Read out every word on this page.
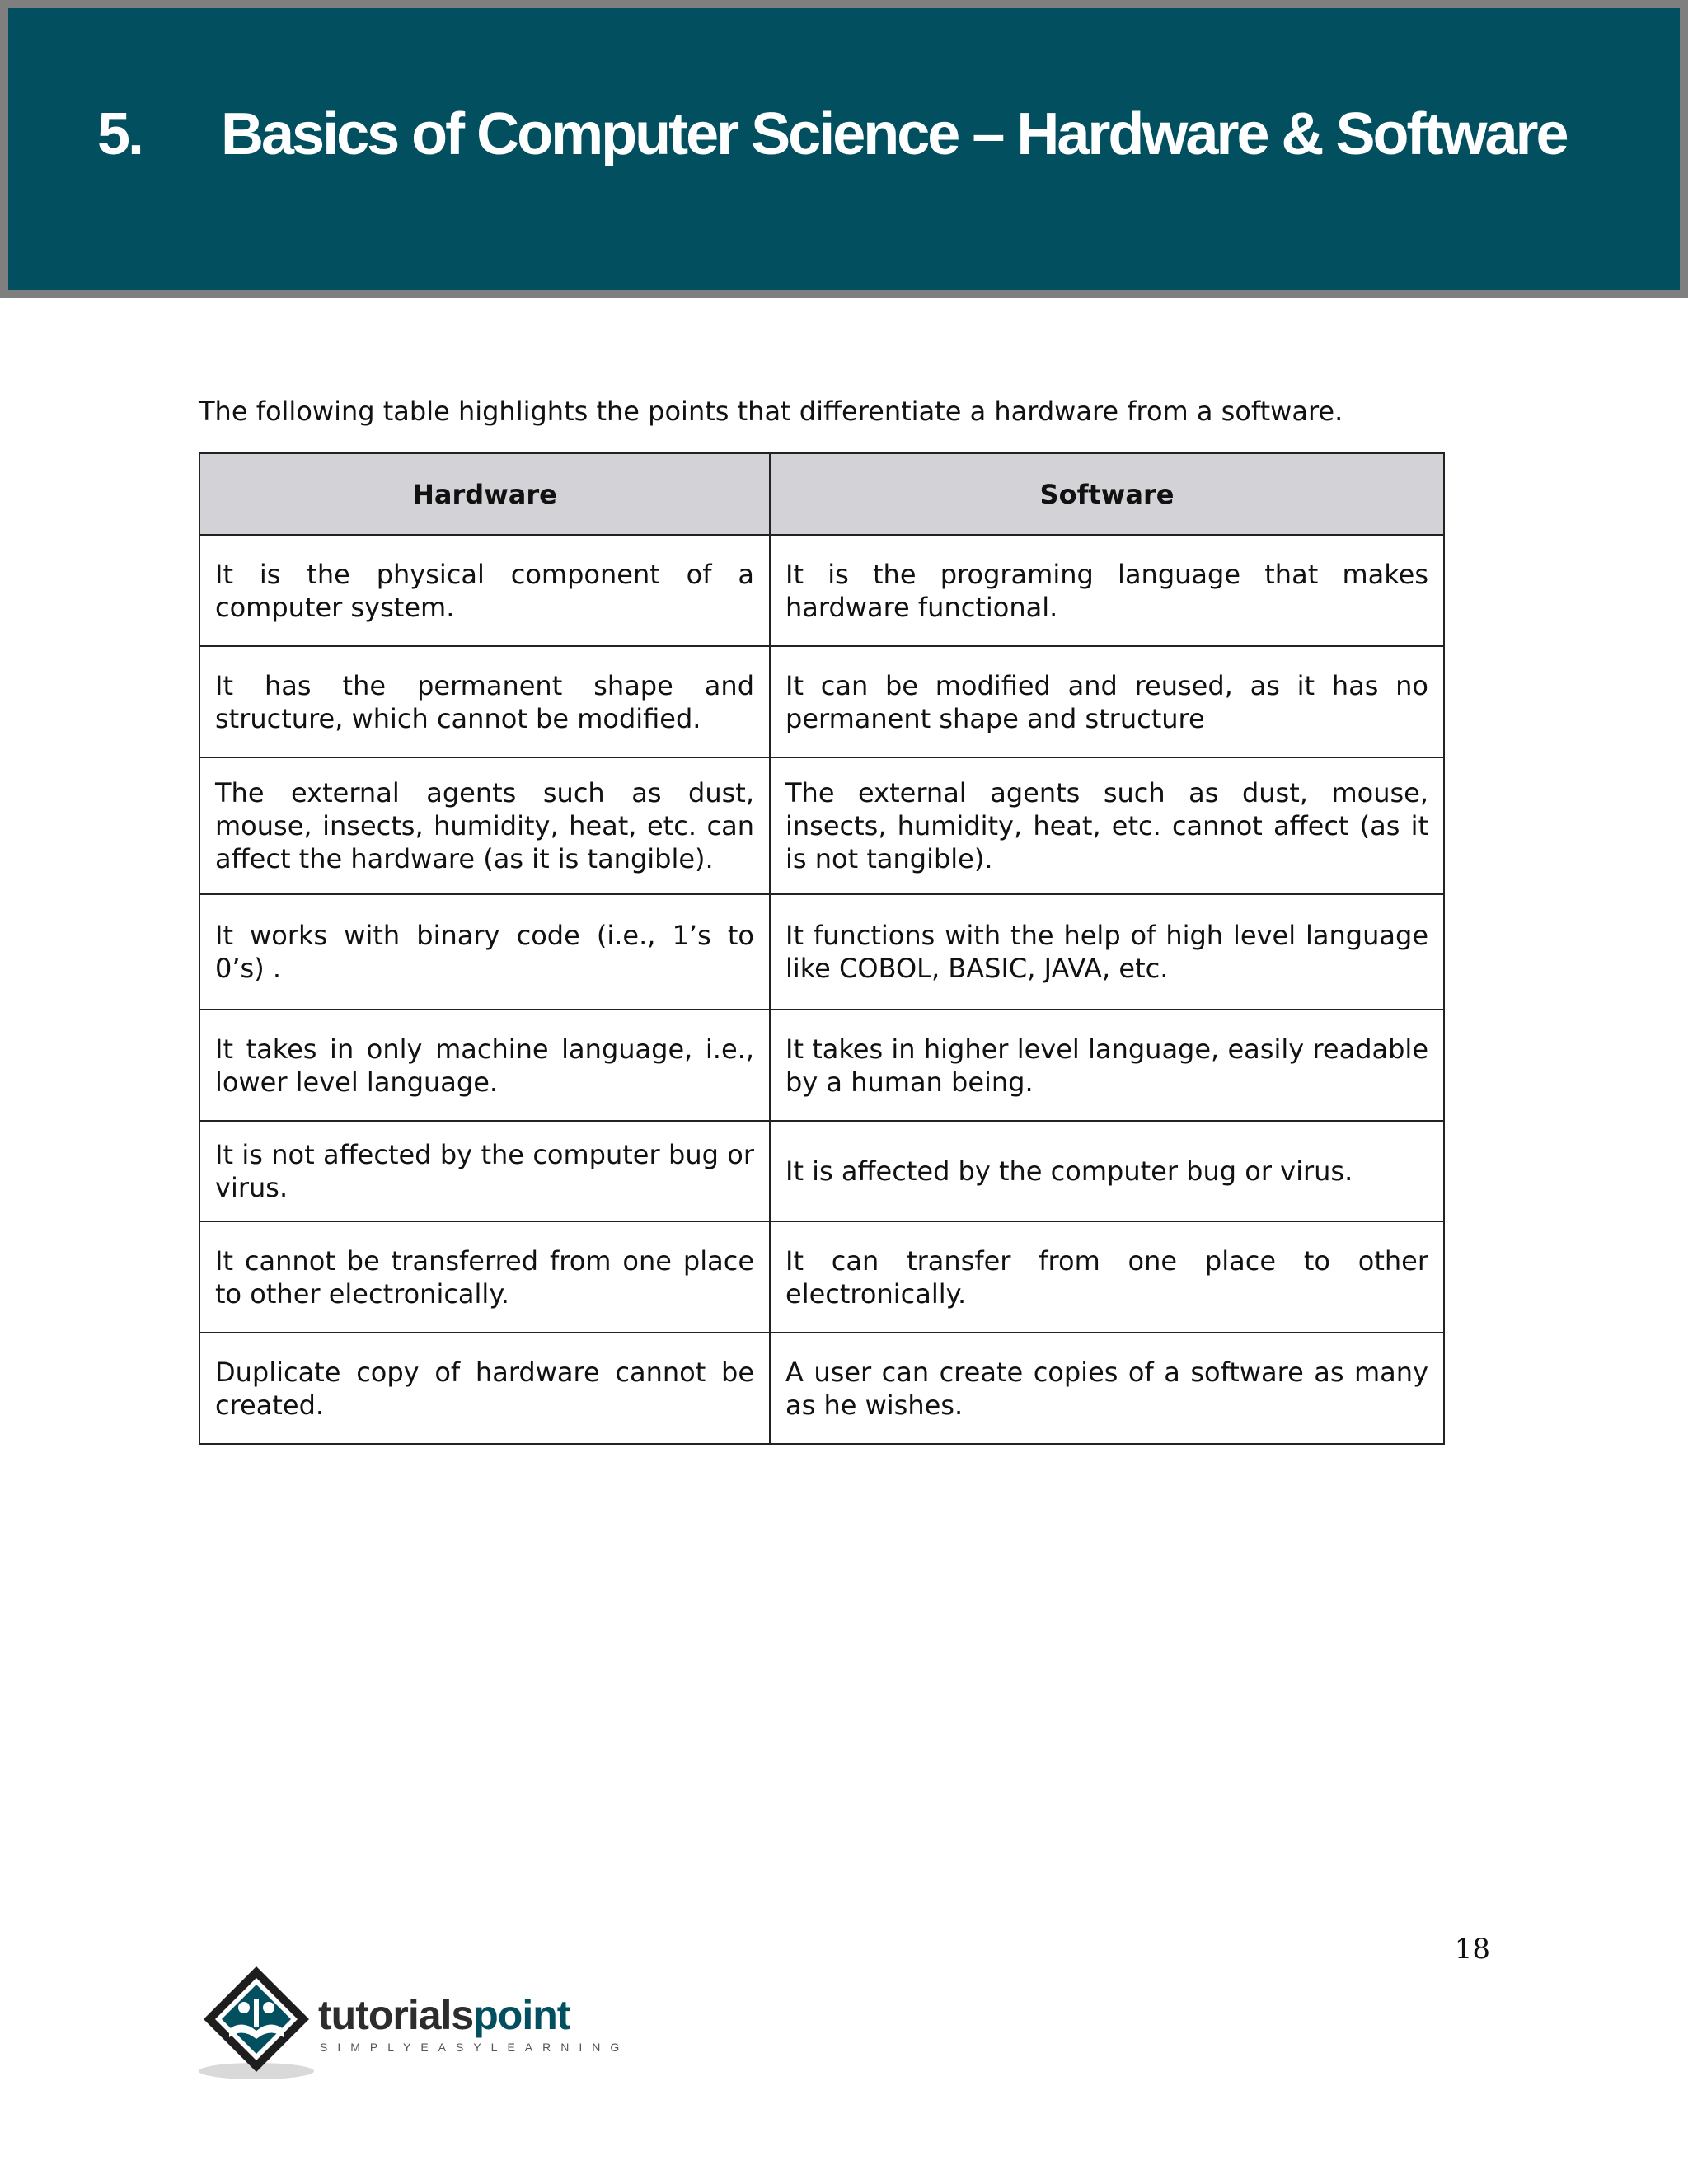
5. Basics of Computer Science – Hardware & Software

The following table highlights the points that differentiate a hardware from a software.

Hardware	Software
It is the physical component of a computer system.	It is the programing language that makes hardware functional.
It has the permanent shape and structure, which cannot be modified.	It can be modified and reused, as it has no permanent shape and structure
The external agents such as dust, mouse, insects, humidity, heat, etc. can affect the hardware (as it is tangible).	The external agents such as dust, mouse, insects, humidity, heat, etc. cannot affect (as it is not tangible).
It works with binary code (i.e., 1’s to 0’s) .	It functions with the help of high level language like COBOL, BASIC, JAVA, etc.
It takes in only machine language, i.e., lower level language.	It takes in higher level language, easily readable by a human being.
It is not affected by the computer bug or virus.	It is affected by the computer bug or virus.
It cannot be transferred from one place to other electronically.	It can transfer from one place to other electronically.
Duplicate copy of hardware cannot be created.	A user can create copies of a software as many as he wishes.
18
tutorialspoint
SIMPLYEASYLEARNING
